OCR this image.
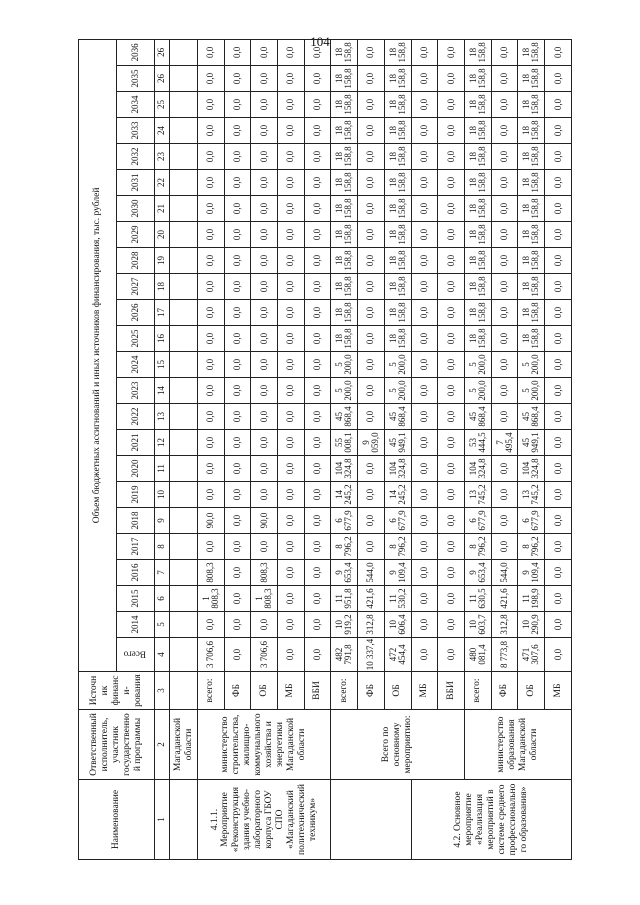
104
Наименование	Ответственный исполнитель, участник государственной программы	Источник финанси-рования	Объем бюджетных ассигнований и иных источников финансирования, тыс. рублей																							
			Всего	2014	2015	2016	2017	2018	2019	2020	2021	2022	2023	2024	2025	2026	2027	2028	2029	2030	2031	2032	2033	2034	2035	2036
1	2	3	4	5	6	7	8	9	10	11	12	13	14	15	16	17	18	19	20	21	22	23	24	25	26	26
	Магаданской области																									
4.1.1. Мероприятие «Реконструкция здания учебно-лабораторного корпуса ГБОУ СПО «Магаданский политехнический техникум»	министерство строительства, жилищно-коммунального хозяйства и энергетики Магаданской области	всего:	3 706,6	0,0	1 808,3	808,3	0,0	90,0	0,0	0,0	0,0	0,0	0,0	0,0	0,0	0,0	0,0	0,0	0,0	0,0	0,0	0,0	0,0	0,0	0,0	0,0
		ФБ	0,0	0,0	0,0	0,0	0,0	0,0	0,0	0,0	0,0	0,0	0,0	0,0	0,0	0,0	0,0	0,0	0,0	0,0	0,0	0,0	0,0	0,0	0,0	0,0
		ОБ	3 706,6	0,0	1 808,3	808,3	0,0	90,0	0,0	0,0	0,0	0,0	0,0	0,0	0,0	0,0	0,0	0,0	0,0	0,0	0,0	0,0	0,0	0,0	0,0	0,0
		МБ	0,0	0,0	0,0	0,0	0,0	0,0	0,0	0,0	0,0	0,0	0,0	0,0	0,0	0,0	0,0	0,0	0,0	0,0	0,0	0,0	0,0	0,0	0,0	0,0
		ВБИ	0,0	0,0	0,0	0,0	0,0	0,0	0,0	0,0	0,0	0,0	0,0	0,0	0,0	0,0	0,0	0,0	0,0	0,0	0,0	0,0	0,0	0,0	0,0	0,0
	Всего по основному мероприятию:	всего:	482 791,8	10 919,2	11 951,8	9 653,4	8 796,2	6 677,9	14 245,2	104 324,8	55 008,1	45 868,4	5 200,0	5 200,0	18 158,8	18 158,8	18 158,8	18 158,8	18 158,8	18 158,8	18 158,8	18 158,8	18 158,8	18 158,8	18 158,8	18 158,8
		ФБ	10 337,4	312,8	421,6	544,0	0,0	0,0	0,0	0,0	9 059,0	0,0	0,0	0,0	0,0	0,0	0,0	0,0	0,0	0,0	0,0	0,0	0,0	0,0	0,0	0,0
		ОБ	472 454,4	10 606,4	11 530,2	9 109,4	8 796,2	6 677,9	14 245,2	104 324,8	45 949,1	45 868,4	5 200,0	5 200,0	18 158,8	18 158,8	18 158,8	18 158,8	18 158,8	18 158,8	18 158,8	18 158,8	18 158,8	18 158,8	18 158,8	18 158,8
4.2. Основное мероприятие «Реализация мероприятий в системе среднего профессионального образования»		МБ	0,0	0,0	0,0	0,0	0,0	0,0	0,0	0,0	0,0	0,0	0,0	0,0	0,0	0,0	0,0	0,0	0,0	0,0	0,0	0,0	0,0	0,0	0,0	0,0
		ВБИ	0,0	0,0	0,0	0,0	0,0	0,0	0,0	0,0	0,0	0,0	0,0	0,0	0,0	0,0	0,0	0,0	0,0	0,0	0,0	0,0	0,0	0,0	0,0	0,0
	министерство образования Магаданской области	всего:	480 081,4	10 603,7	11 630,5	9 653,4	8 796,2	6 677,9	13 745,2	104 324,8	53 444,5	45 868,4	5 200,0	5 200,0	18 158,8	18 158,8	18 158,8	18 158,8	18 158,8	18 158,8	18 158,8	18 158,8	18 158,8	18 158,8	18 158,8	18 158,8
		ФБ	8 773,8	312,8	421,6	544,0	0,0	0,0	0,0	0,0	7 495,4	0,0	0,0	0,0	0,0	0,0	0,0	0,0	0,0	0,0	0,0	0,0	0,0	0,0	0,0	0,0
		ОБ	471 307,6	10 290,9	11 198,9	9 109,4	8 796,2	6 677,9	13 745,2	104 324,8	45 949,1	45 868,4	5 200,0	5 200,0	18 158,8	18 158,8	18 158,8	18 158,8	18 158,8	18 158,8	18 158,8	18 158,8	18 158,8	18 158,8	18 158,8	18 158,8
		МБ	0,0	0,0	0,0	0,0	0,0	0,0	0,0	0,0	0,0	0,0	0,0	0,0	0,0	0,0	0,0	0,0	0,0	0,0	0,0	0,0	0,0	0,0	0,0	0,0
